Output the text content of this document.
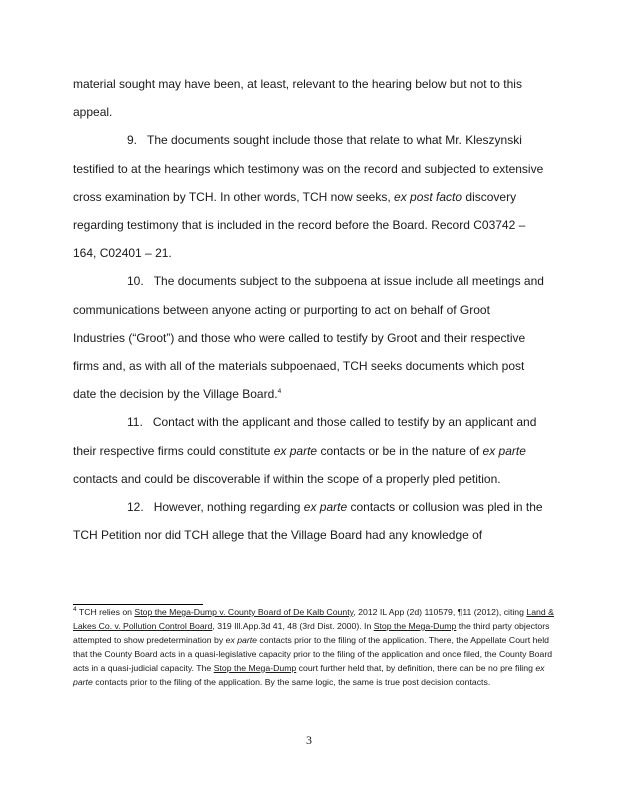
material sought may have been, at least, relevant to the hearing below but not to this appeal.

9. The documents sought include those that relate to what Mr. Kleszynski testified to at the hearings which testimony was on the record and subjected to extensive cross examination by TCH. In other words, TCH now seeks, ex post facto discovery regarding testimony that is included in the record before the Board. Record C03742 – 164, C02401 – 21.

10. The documents subject to the subpoena at issue include all meetings and communications between anyone acting or purporting to act on behalf of Groot Industries (“Groot”) and those who were called to testify by Groot and their respective firms and, as with all of the materials subpoenaed, TCH seeks documents which post date the decision by the Village Board.$^4$

11. Contact with the applicant and those called to testify by an applicant and their respective firms could constitute ex parte contacts or be in the nature of ex parte contacts and could be discoverable if within the scope of a properly pled petition.

12. However, nothing regarding ex parte contacts or collusion was pled in the TCH Petition nor did TCH allege that the Village Board had any knowledge of

$^4$ TCH relies on Stop the Mega-Dump v. County Board of De Kalb County, 2012 IL App (2d) 110579, ¶11 (2012), citing Land & Lakes Co. v. Pollution Control Board, 319 Ill.App.3d 41, 48 (3rd Dist. 2000). In Stop the Mega-Dump the third party objectors attempted to show predetermination by ex parte contacts prior to the filing of the application. There, the Appellate Court held that the County Board acts in a quasi-legislative capacity prior to the filing of the application and once filed, the County Board acts in a quasi-judicial capacity. The Stop the Mega-Dump court further held that, by definition, there can be no pre filing ex parte contacts prior to the filing of the application. By the same logic, the same is true post decision contacts.

3
